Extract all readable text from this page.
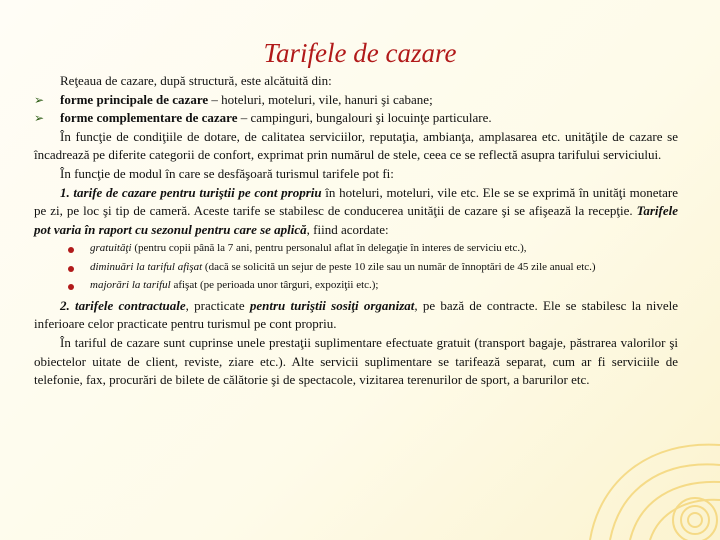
Tarifele de cazare

Reţeaua de cazare, după structură, este alcătuită din:

➢ forme principale de cazare – hoteluri, moteluri, vile, hanuri şi cabane;

➢ forme complementare de cazare – campinguri, bungalouri şi locuinţe particulare.

În funcţie de condiţiile de dotare, de calitatea serviciilor, reputaţia, ambianţa, amplasarea etc. unităţile de cazare se încadrează pe diferite categorii de confort, exprimat prin numărul de stele, ceea ce se reflectă asupra tarifului serviciului.

În funcţie de modul în care se desfăşoară turismul tarifele pot fi:

1. tarife de cazare pentru turiştii pe cont propriu în hoteluri, moteluri, vile etc. Ele se se exprimă în unităţi monetare pe zi, pe loc şi tip de cameră. Aceste tarife se stabilesc de conducerea unităţii de cazare şi se afişează la recepţie. Tarifele pot varia în raport cu sezonul pentru care se aplică, fiind acordate:

gratuităţi (pentru copii până la 7 ani, pentru personalul aflat în delegaţie în interes de serviciu etc.),
diminuări la tariful afişat (dacă se solicită un sejur de peste 10 zile sau un număr de înnoptări de 45 zile anual etc.)
majorări la tariful afişat (pe perioada unor târguri, expoziţii etc.);

2. tarifele contractuale, practicate pentru turiştii sosiţi organizat, pe bază de contracte. Ele se stabilesc la nivele inferioare celor practicate pentru turismul pe cont propriu.

În tariful de cazare sunt cuprinse unele prestaţii suplimentare efectuate gratuit (transport bagaje, păstrarea valorilor şi obiectelor uitate de client, reviste, ziare etc.). Alte servicii suplimentare se tarifează separat, cum ar fi serviciile de telefonie, fax, procurări de bilete de călătorie şi de spectacole, vizitarea terenurilor de sport, a barurilor etc.
